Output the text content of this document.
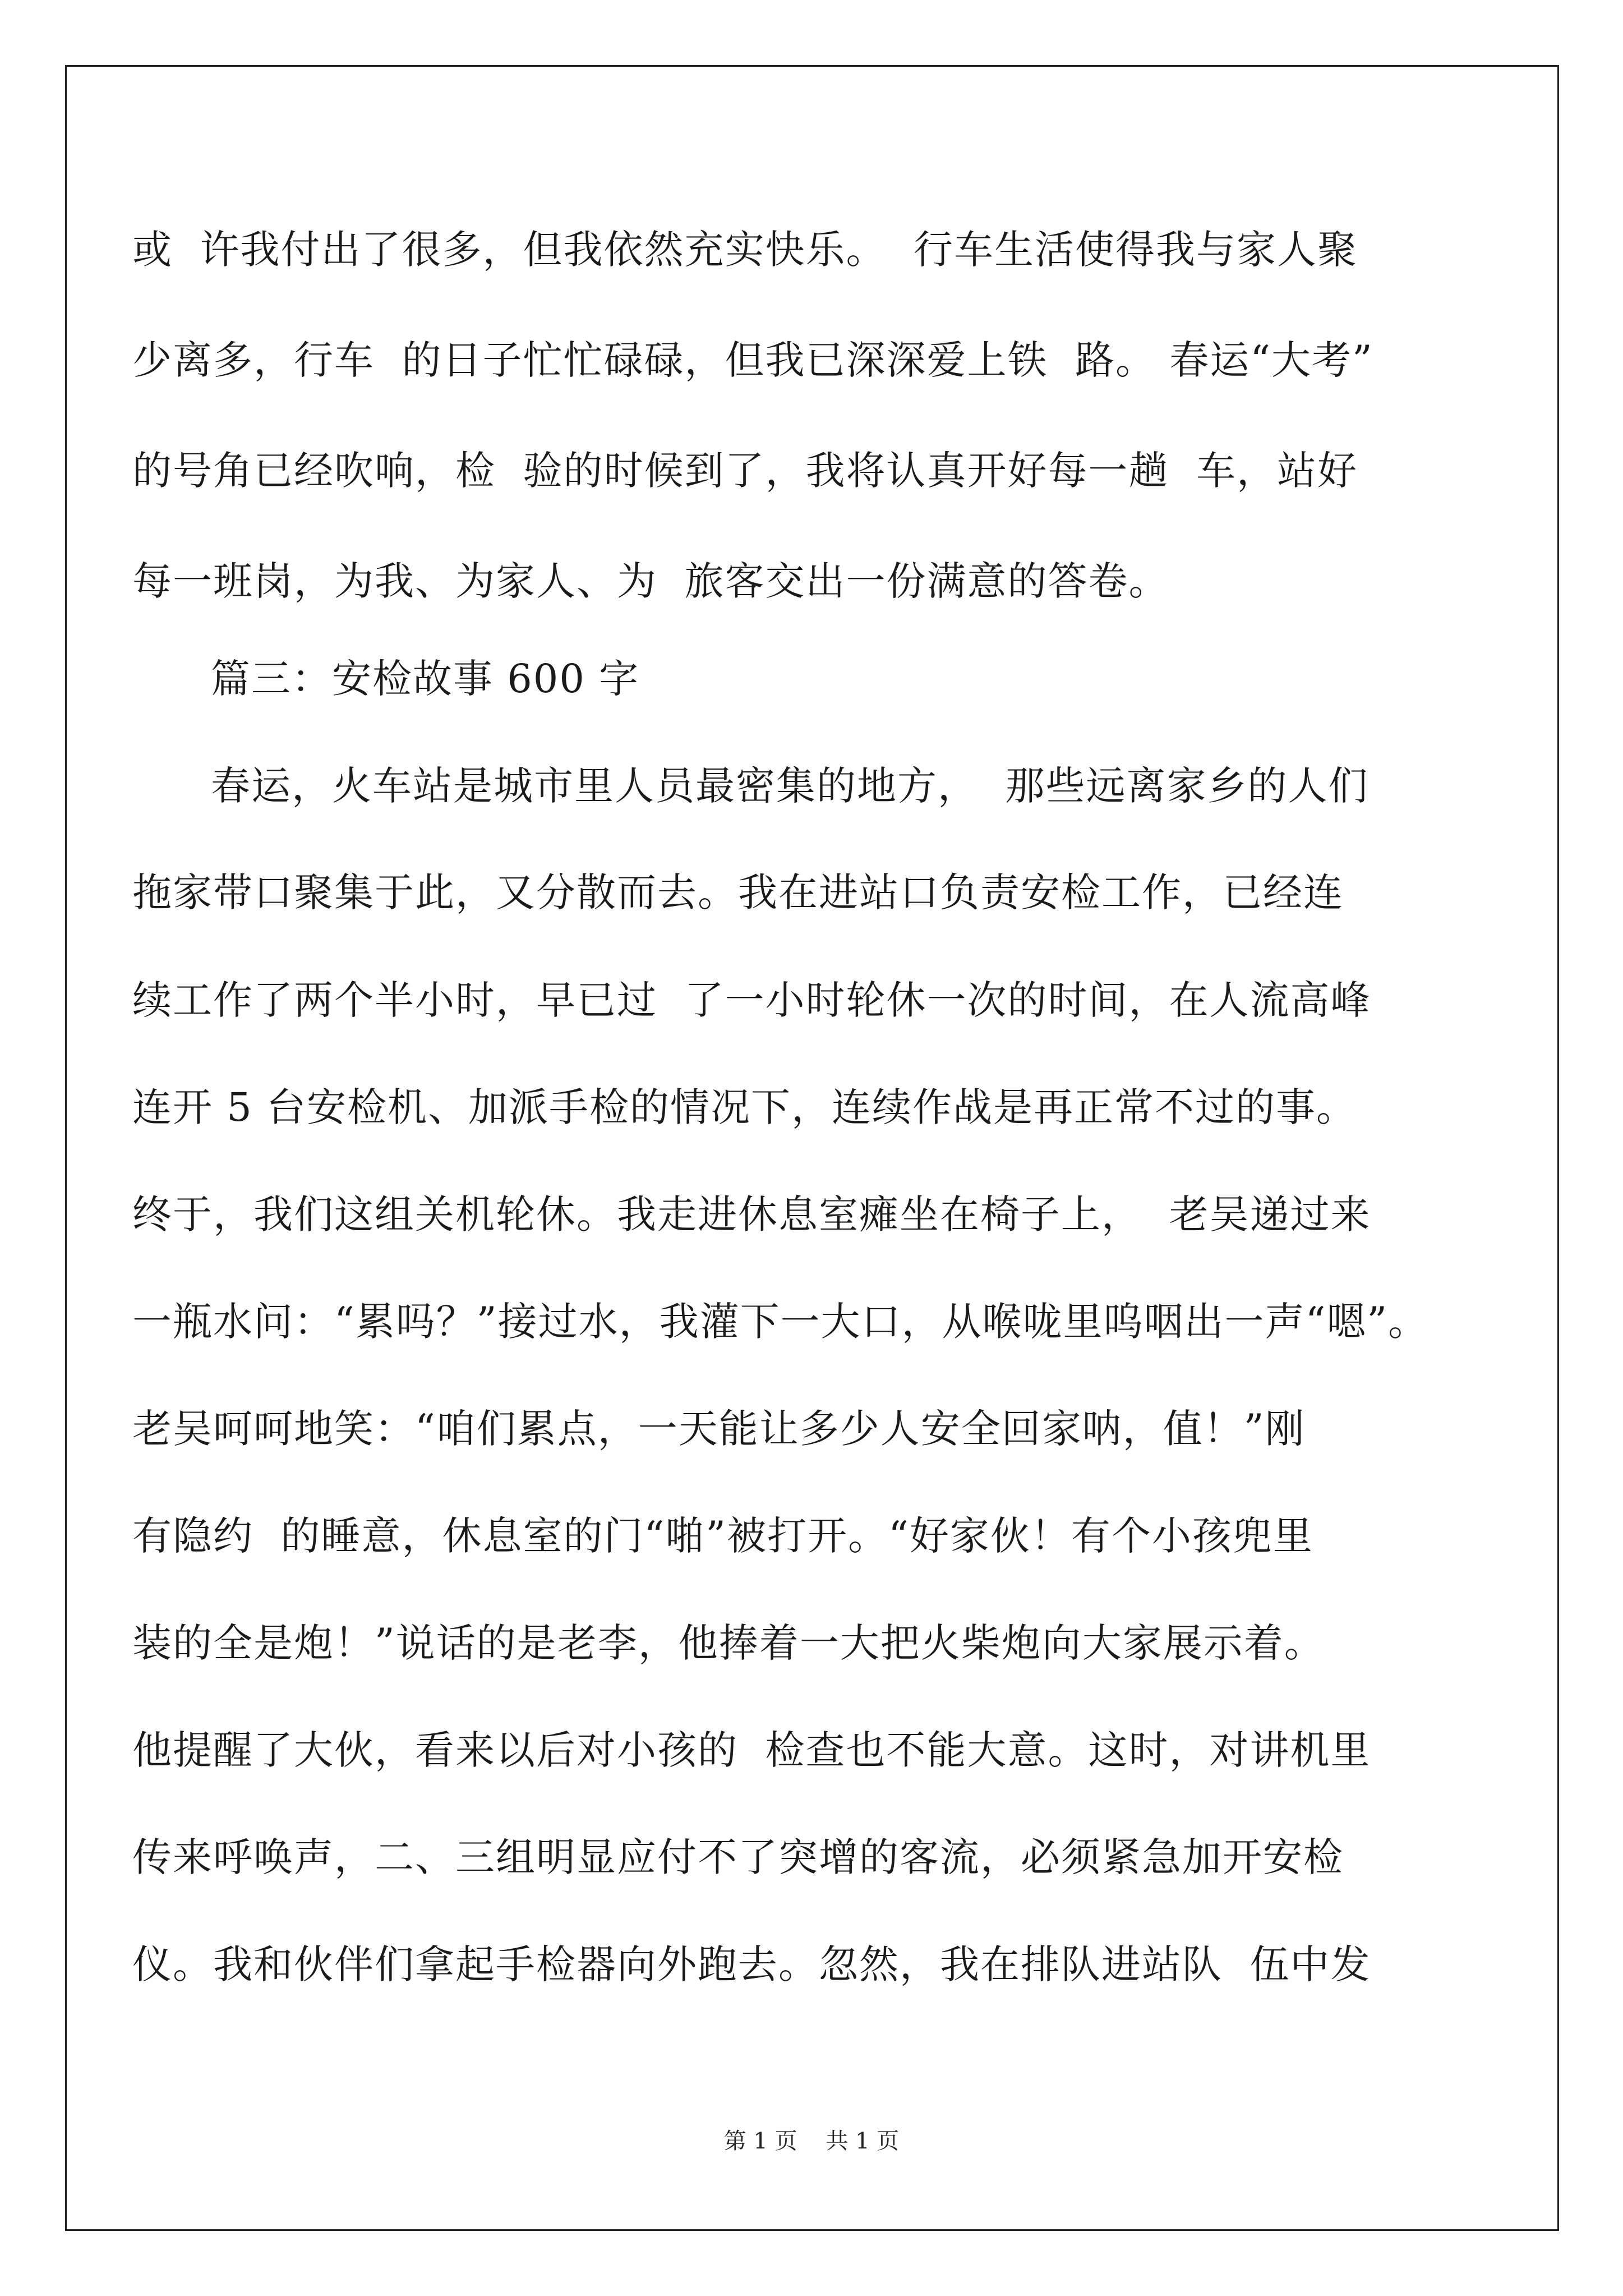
或  许我付出了很多，但我依然充实快乐。  行车生活使得我与家人聚
少离多，行车  的日子忙忙碌碌，但我已深深爱上铁  路。 春运“大考”
的号角已经吹响，检  验的时候到了，我将认真开好每一趟  车，站好
每一班岗，为我、为家人、为  旅客交出一份满意的答卷。
篇三：安检故事 600 字
春运，火车站是城市里人员最密集的地方，  那些远离家乡的人们
拖家带口聚集于此，又分散而去。我在进站口负责安检工作，已经连
续工作了两个半小时，早已过  了一小时轮休一次的时间，在人流高峰
连开 5 台安检机、加派手检的情况下，连续作战是再正常不过的事。
终于，我们这组关机轮休。我走进休息室瘫坐在椅子上，  老吴递过来
一瓶水问：“累吗？”接过水，我灌下一大口，从喉咙里呜咽出一声“嗯”。
老吴呵呵地笑：“咱们累点，一天能让多少人安全回家呐，值！”刚
有隐约  的睡意，休息室的门“啪”被打开。“好家伙！有个小孩兜里
装的全是炮！”说话的是老李，他捧着一大把火柴炮向大家展示着。
他提醒了大伙，看来以后对小孩的  检查也不能大意。这时，对讲机里
传来呼唤声，二、三组明显应付不了突增的客流，必须紧急加开安检
仪。我和伙伴们拿起手检器向外跑去。忽然，我在排队进站队  伍中发
第 1 页    共 1 页
